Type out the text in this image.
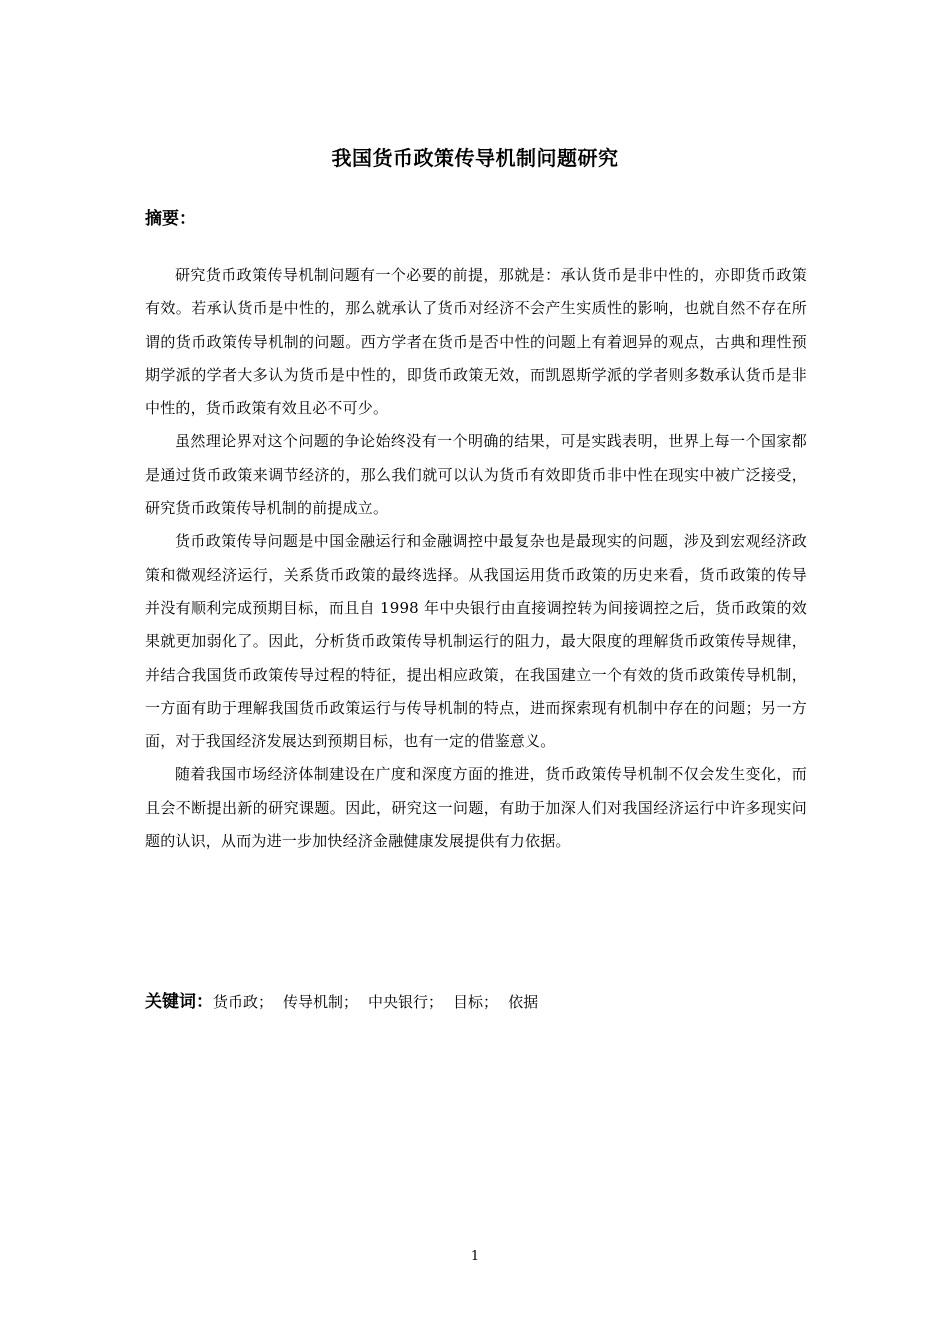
我国货币政策传导机制问题研究
摘要：

研究货币政策传导机制问题有一个必要的前提，那就是：承认货币是非中性的，亦即货币政策有效。若承认货币是中性的，那么就承认了货币对经济不会产生实质性的影响，也就自然不存在所谓的货币政策传导机制的问题。西方学者在货币是否中性的问题上有着迥异的观点，古典和理性预期学派的学者大多认为货币是中性的，即货币政策无效，而凯恩斯学派的学者则多数承认货币是非中性的，货币政策有效且必不可少。

虽然理论界对这个问题的争论始终没有一个明确的结果，可是实践表明，世界上每一个国家都是通过货币政策来调节经济的，那么我们就可以认为货币有效即货币非中性在现实中被广泛接受，研究货币政策传导机制的前提成立。

货币政策传导问题是中国金融运行和金融调控中最复杂也是最现实的问题，涉及到宏观经济政策和微观经济运行，关系货币政策的最终选择。从我国运用货币政策的历史来看，货币政策的传导并没有顺利完成预期目标，而且自 1998 年中央银行由直接调控转为间接调控之后，货币政策的效果就更加弱化了。因此，分析货币政策传导机制运行的阻力，最大限度的理解货币政策传导规律，并结合我国货币政策传导过程的特征，提出相应政策，在我国建立一个有效的货币政策传导机制，一方面有助于理解我国货币政策运行与传导机制的特点，进而探索现有机制中存在的问题；另一方面，对于我国经济发展达到预期目标，也有一定的借鉴意义。

随着我国市场经济体制建设在广度和深度方面的推进，货币政策传导机制不仅会发生变化，而且会不断提出新的研究课题。因此，研究这一问题，有助于加深人们对我国经济运行中许多现实问题的认识，从而为进一步加快经济金融健康发展提供有力依据。

关键词：货币政； 传导机制； 中央银行； 目标； 依据
1
